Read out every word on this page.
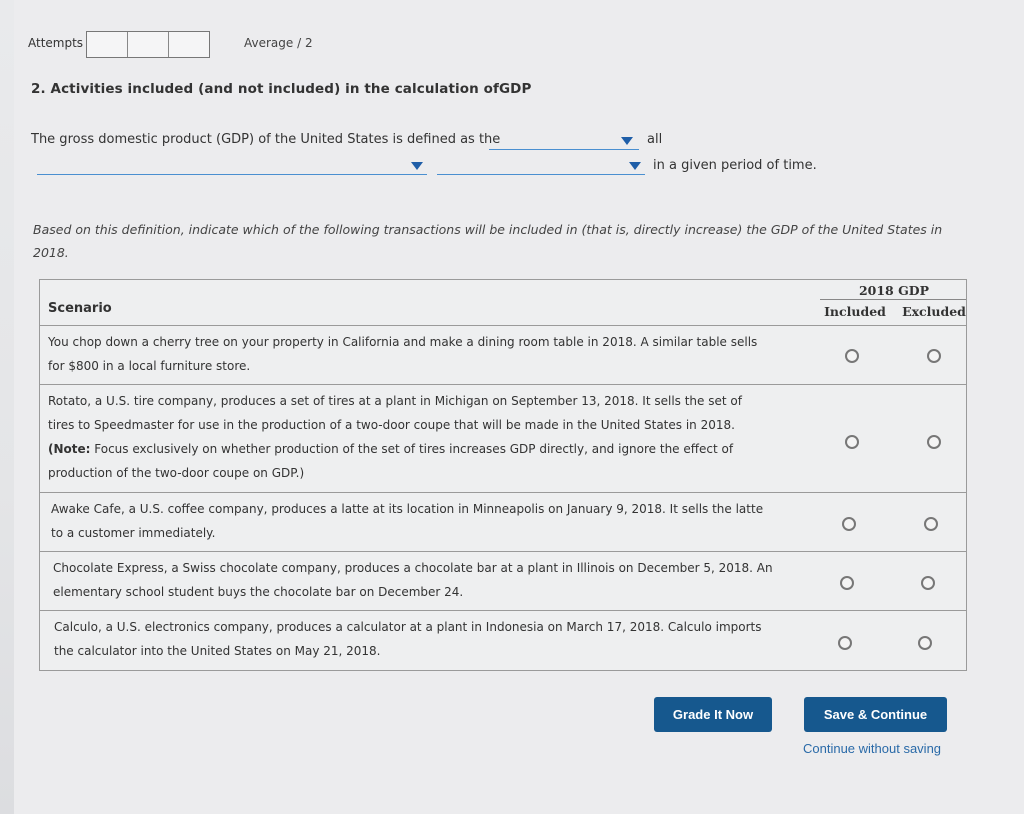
Attempts	Average / 2
2. Activities included (and not included) in the calculation ofGDP
The gross domestic product (GDP) of the United States is defined as the	all
in a given period of time.
Based on this definition, indicate which of the following transactions will be included in (that is, directly increase) the GDP of the United States in
2018.
Scenario
2018 GDP
Included	Excluded
You chop down a cherry tree on your property in California and make a dining room table in 2018. A similar table sells
for $800 in a local furniture store.
Rotato, a U.S. tire company, produces a set of tires at a plant in Michigan on September 13, 2018. It sells the set of
tires to Speedmaster for use in the production of a two-door coupe that will be made in the United States in 2018.
(Note: Focus exclusively on whether production of the set of tires increases GDP directly, and ignore the effect of
production of the two-door coupe on GDP.)
Awake Cafe, a U.S. coffee company, produces a latte at its location in Minneapolis on January 9, 2018. It sells the latte
to a customer immediately.
Chocolate Express, a Swiss chocolate company, produces a chocolate bar at a plant in Illinois on December 5, 2018. An
elementary school student buys the chocolate bar on December 24.
Calculo, a U.S. electronics company, produces a calculator at a plant in Indonesia on March 17, 2018. Calculo imports
the calculator into the United States on May 21, 2018.
Grade It Now	Save & Continue
Continue without saving
